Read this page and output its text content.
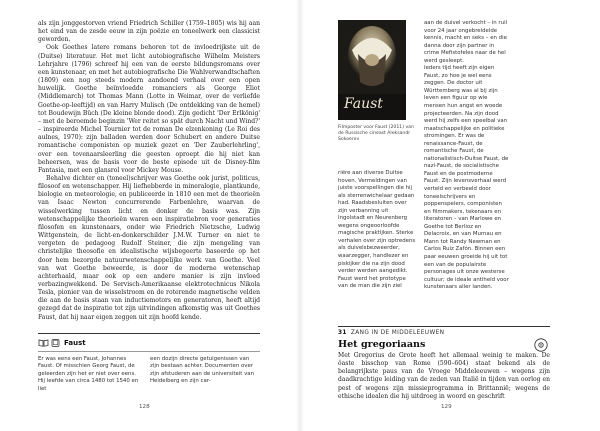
als zijn jonggestorven vriend Friedrich Schiller (1759–1805) wis hij aan het eind van de zesde eeuw in zijn poëzie en toneelwerk een classicist geworden.

Ook Goethes latere romans behoren tot de invloedrijkste uit de (Duitse) literatuur. Het met licht autobiografische Wilhelm Meisters Lehrjahre (1796) schreef hij een van de eerste bildungsromans over een kunstenaar, en met het autobiografische Die Wahlverwandtschaften (1809) een nog steeds modern aandoend verhaal over een open huwelijk. Goethe beïnvloedde romanciers als George Eliot (Middlemarch) tot Thomas Mann (Lotte in Weimar, over de verliefde Goethe-op-leeftijd) en van Harry Mulisch (De ontdekking van de hemel) tot Boudewijn Büch (De kleine blonde dood). Zijn gedicht 'Der Erlkönig' – met de beroemde beginzin 'Wer reitet so spät durch Nacht und Wind?' – inspireerde Michel Tournier tot de roman De elzenkoning (Le Roi des aulnes, 1970): zijn balladen werden door Schubert en andere Duitse romantische componisten op muziek gezet en 'Der Zauberlehrling', over een tovenaarsleerling die geesten oproept die hij niet kan beheersen, was de basis voor de beste episode uit de Disney-film Fantasia, met een glansrol voor Mickey Mouse.

Behalve dichter en (toneel)schrijver was Goethe ook jurist, politicus, filosoof en wetenschapper. Hij liefhebberde in mineralogie, plantkunde, biologie en meteorologie, en publiceerde in 1810 een met de theorieën van Isaac Newton concurrerende Farbenlehre, waarvan de wisselwerking tussen licht en donker de basis was. Zijn wetenschappelijke theorieën waren een inspiratiebron voor generaties filosofen en kunstenaars, onder wie Friedrich Nietzsche, Ludwig Wittgenstein, de licht-en-donkerschilder J.M.W. Turner en niet te vergeten de pedagoog Rudolf Steiner, die zijn mengeling van christelijke theosofie en idealistische wijsbegeerte baseerde op het door hem bezorgde natuurwetenschappelijke werk van Goethe. Veel van wat Goethe beweerde, is door de moderne wetenschap achterhaald, maar ook op een andere manier is zijn invloed verbazingwekkend. De Servisch-Amerikaanse elektrotechnicus Nikola Tesla, pionier van de wisselstroom en de roterende magnetische velden die aan de basis staan van inductiemotors en generatoren, heeft altijd gezegd dat de inspiratie tot zijn uitvindingen afkomstig was uit Goethes Faust, dat hij naar eigen zeggen uit zijn hoofd kende.

Faust

Er was eens een Faust, Johannes Faust. Of misschien Georg Faust, de geleerden zijn het er niet over eens. Hij leefde van circa 1480 tot 1540 en liet

een dozijn directe getuigenissen van zijn bestaan achter. Documenten over zijn afstuderen aan de universiteit van Heidelberg en zijn car-

128
Faust
Filmposter voor Faust (2011) van de Russische cineast Aleksandr Sokoerov

riëre aan diverse Duitse hoven. Vermeldingen van juiste voorspellingen die hij als sterrenwichelaar gedaan had. Raadsbesluiten over zijn verbanning uit Ingolstadt en Neurenberg wegens ongeoorloofde magische praktijken. Sterke verhalen over zijn optredens als duivelsbezweerder, waarzegger, handlezer en piskijker die na zijn dood verder werden aangedikt. Faust werd het prototype van de man die zijn ziel

aan de duivel verkocht – in ruil voor 24 jaar ongebreidelde kennis, macht en seks – en die danna door zijn partner in crime Mefistofeles naar de hel werd gesleept.

Ieders tijd heeft zijn eigen Faust, zo hoe je wel eens zeggen. De doctor uit Württemberg was al bij zijn leven een figuur op wie mensen hun angst en woede projecteerden. Na zijn dood werd hij zelfs een speelbal van maatschappelijke en politieke stromingen. Er was de renaissance-Faust, de romantische Faust, de nationalistisch-Duitse Faust, de nazi-Faust, de socialistische Faust en de postmoderne Faust. Zijn levensverhaal werd verteld en verbeeld door toneelschrijvers en poppenspelers, componisten en filmmakers, tekenaars en literatoren – van Marlowe en Goethe tot Berlioz en Delacroix, en van Murnau en Mann tot Randy Newman en Carlos Ruiz Zafón. Binnen een paar eeuwen groeide hij uit tot een van de populairste personages uit onze westerse cultuur; de ideale antiheld voor kunstenaars aller landen.

31 ZANG IN DE MIDDELEEUWEN
Het gregoriaans

Met Gregorius de Grote heeft het allemaal weinig te maken. De ôaste bisschop van Rome (590–604) staat bekend als de belangrijkste paus van de Vroege Middeleeuwen – wegens zijn daadkrachtige leiding van de zeden van Italië in tijden van oorlog en pest of wegens zijn missieprogramma in Brittannië; wegens de ethische idealen die hij uitdroeg in woord en geschrift

129
